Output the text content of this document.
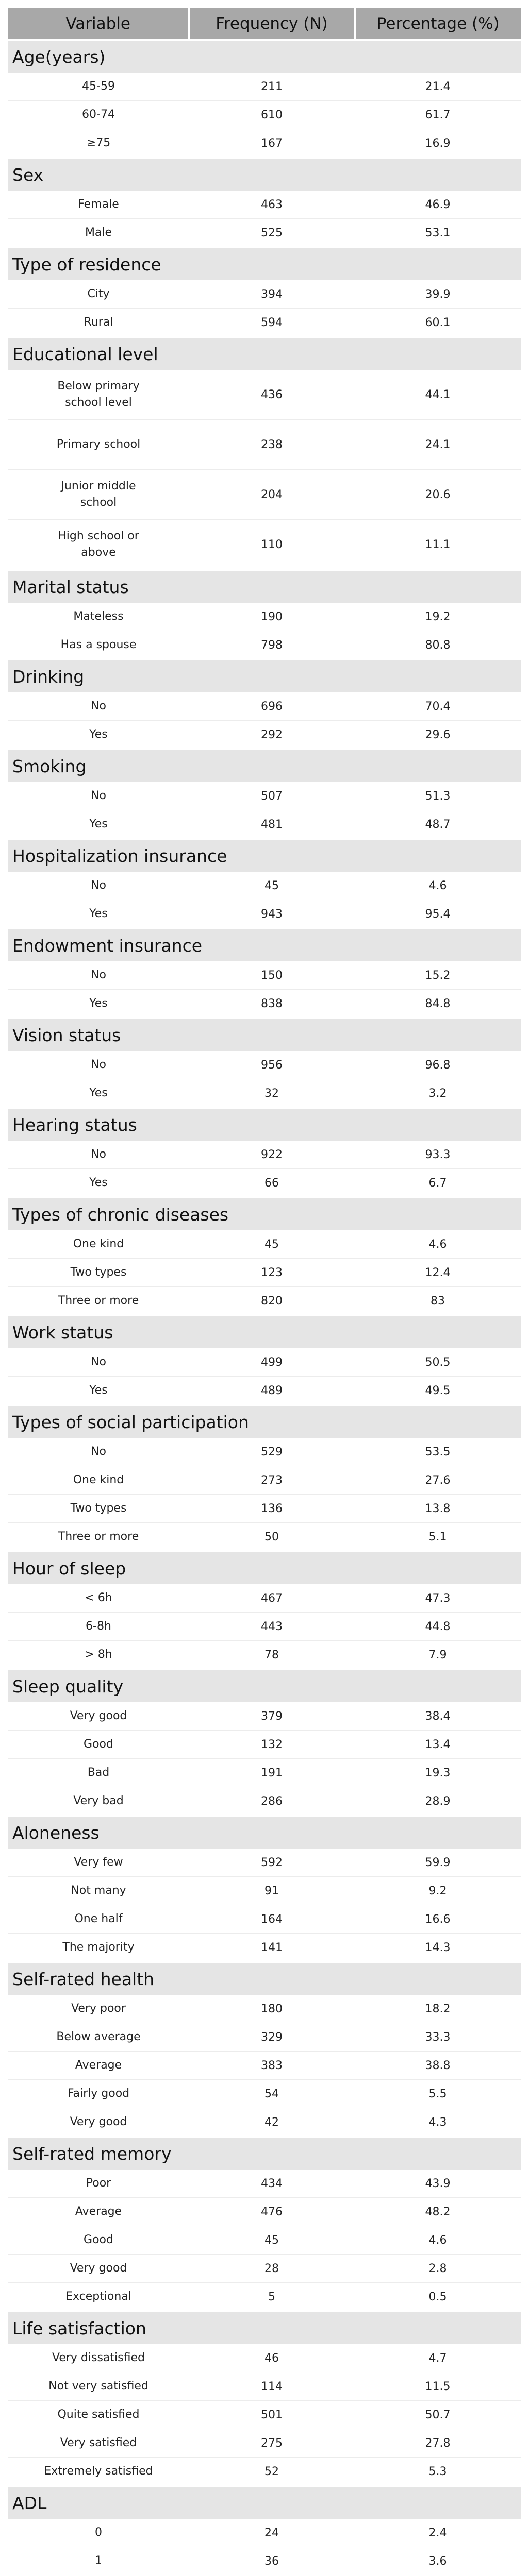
Variable	Frequency (N)	Percentage (%)
Age(years)		
45-59	211	21.4
60-74	610	61.7
≥75	167	16.9
Sex		
Female	463	46.9
Male	525	53.1
Type of residence		
City	394	39.9
Rural	594	60.1
Educational level		
Below primary school level	436	44.1
Primary school	238	24.1
Junior middle school	204	20.6
High school or above	110	11.1
Marital status		
Mateless	190	19.2
Has a spouse	798	80.8
Drinking		
No	696	70.4
Yes	292	29.6
Smoking		
No	507	51.3
Yes	481	48.7
Hospitalization insurance		
No	45	4.6
Yes	943	95.4
Endowment insurance		
No	150	15.2
Yes	838	84.8
Vision status		
No	956	96.8
Yes	32	3.2
Hearing status		
No	922	93.3
Yes	66	6.7
Types of chronic diseases		
One kind	45	4.6
Two types	123	12.4
Three or more	820	83
Work status		
No	499	50.5
Yes	489	49.5
Types of social participation		
No	529	53.5
One kind	273	27.6
Two types	136	13.8
Three or more	50	5.1
Hour of sleep		
< 6h	467	47.3
6-8h	443	44.8
> 8h	78	7.9
Sleep quality		
Very good	379	38.4
Good	132	13.4
Bad	191	19.3
Very bad	286	28.9
Aloneness		
Very few	592	59.9
Not many	91	9.2
One half	164	16.6
The majority	141	14.3
Self-rated health		
Very poor	180	18.2
Below average	329	33.3
Average	383	38.8
Fairly good	54	5.5
Very good	42	4.3
Self-rated memory		
Poor	434	43.9
Average	476	48.2
Good	45	4.6
Very good	28	2.8
Exceptional	5	0.5
Life satisfaction		
Very dissatisfied	46	4.7
Not very satisfied	114	11.5
Quite satisfied	501	50.7
Very satisfied	275	27.8
Extremely satisfied	52	5.3
ADL		
0	24	2.4
1	36	3.6
